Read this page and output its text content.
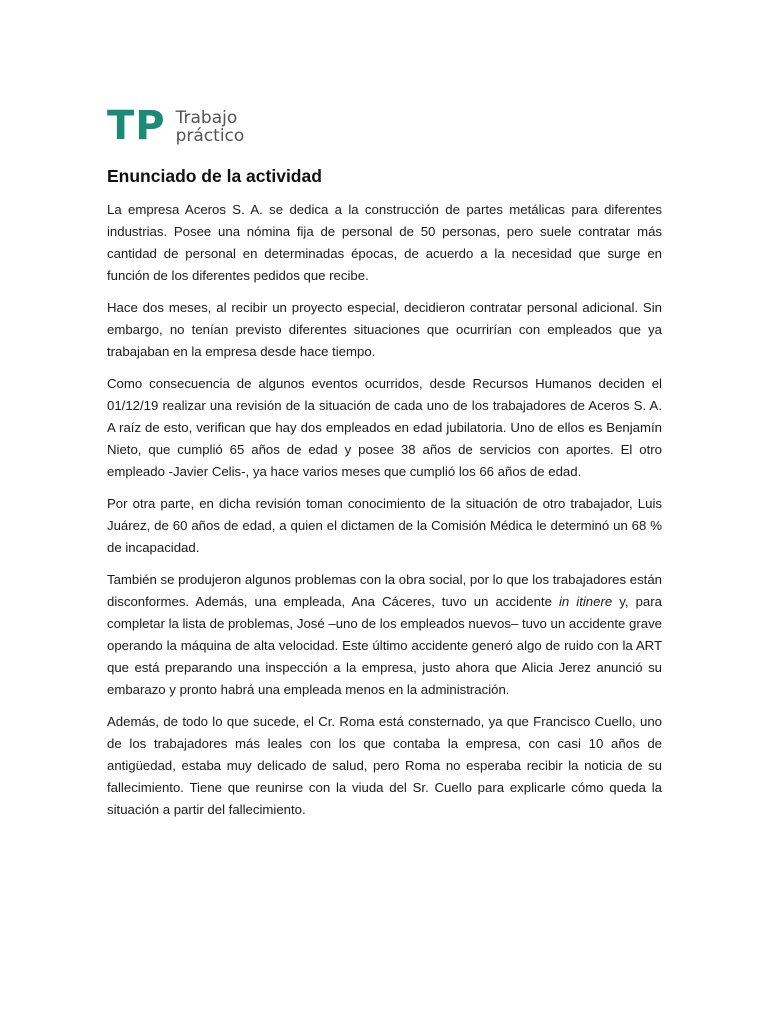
TP Trabajo
práctico
Enunciado de la actividad

La empresa Aceros S. A. se dedica a la construcción de partes metálicas para diferentes industrias. Posee una nómina fija de personal de 50 personas, pero suele contratar más cantidad de personal en determinadas épocas, de acuerdo a la necesidad que surge en función de los diferentes pedidos que recibe.

Hace dos meses, al recibir un proyecto especial, decidieron contratar personal adicional. Sin embargo, no tenían previsto diferentes situaciones que ocurrirían con empleados que ya trabajaban en la empresa desde hace tiempo.

Como consecuencia de algunos eventos ocurridos, desde Recursos Humanos deciden el 01/12/19 realizar una revisión de la situación de cada uno de los trabajadores de Aceros S. A. A raíz de esto, verifican que hay dos empleados en edad jubilatoria. Uno de ellos es Benjamín Nieto, que cumplió 65 años de edad y posee 38 años de servicios con aportes. El otro empleado -Javier Celis-, ya hace varios meses que cumplió los 66 años de edad.

Por otra parte, en dicha revisión toman conocimiento de la situación de otro trabajador, Luis Juárez, de 60 años de edad, a quien el dictamen de la Comisión Médica le determinó un 68 % de incapacidad.

También se produjeron algunos problemas con la obra social, por lo que los trabajadores están disconformes. Además, una empleada, Ana Cáceres, tuvo un accidente in itinere y, para completar la lista de problemas, José –uno de los empleados nuevos– tuvo un accidente grave operando la máquina de alta velocidad. Este último accidente generó algo de ruido con la ART que está preparando una inspección a la empresa, justo ahora que Alicia Jerez anunció su embarazo y pronto habrá una empleada menos en la administración.

Además, de todo lo que sucede, el Cr. Roma está consternado, ya que Francisco Cuello, uno de los trabajadores más leales con los que contaba la empresa, con casi 10 años de antigüedad, estaba muy delicado de salud, pero Roma no esperaba recibir la noticia de su fallecimiento. Tiene que reunirse con la viuda del Sr. Cuello para explicarle cómo queda la situación a partir del fallecimiento.
